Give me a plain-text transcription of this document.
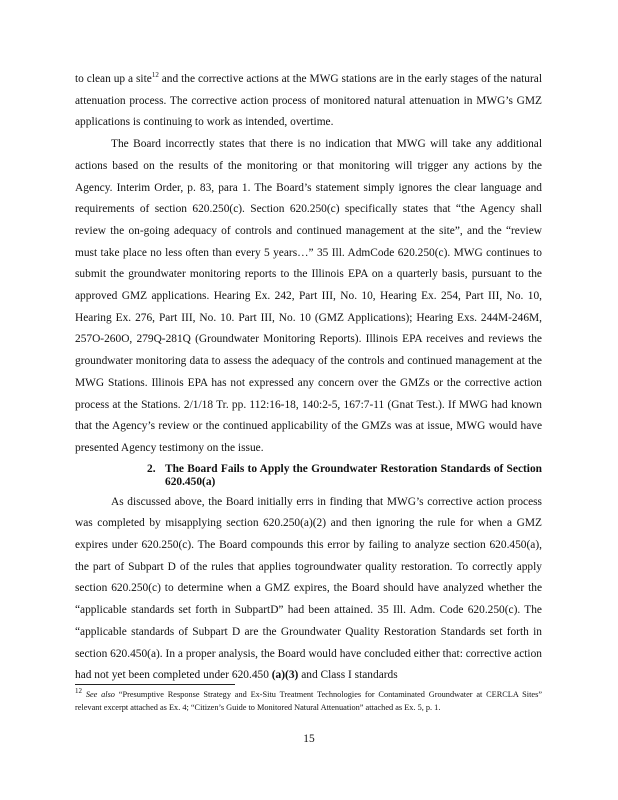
to clean up a site$^{12}$ and the corrective actions at the MWG stations are in the early stages of the natural attenuation process. The corrective action process of monitored natural attenuation in MWG’s GMZ applications is continuing to work as intended, overtime.

The Board incorrectly states that there is no indication that MWG will take any additional actions based on the results of the monitoring or that monitoring will trigger any actions by the Agency. Interim Order, p. 83, para 1. The Board’s statement simply ignores the clear language and requirements of section 620.250(c). Section 620.250(c) specifically states that “the Agency shall review the on-going adequacy of controls and continued management at the site”, and the “review must take place no less often than every 5 years…” 35 Ill. AdmCode 620.250(c). MWG continues to submit the groundwater monitoring reports to the Illinois EPA on a quarterly basis, pursuant to the approved GMZ applications. Hearing Ex. 242, Part III, No. 10, Hearing Ex. 254, Part III, No. 10, Hearing Ex. 276, Part III, No. 10. Part III, No. 10 (GMZ Applications); Hearing Exs. 244M-246M, 257O-260O, 279Q-281Q (Groundwater Monitoring Reports). Illinois EPA receives and reviews the groundwater monitoring data to assess the adequacy of the controls and continued management at the MWG Stations. Illinois EPA has not expressed any concern over the GMZs or the corrective action process at the Stations. 2/1/18 Tr. pp. 112:16-18, 140:2-5, 167:7-11 (Gnat Test.). If MWG had known that the Agency’s review or the continued applicability of the GMZs was at issue, MWG would have presented Agency testimony on the issue.

2. The Board Fails to Apply the Groundwater Restoration Standards of Section 620.450(a)

As discussed above, the Board initially errs in finding that MWG’s corrective action process was completed by misapplying section 620.250(a)(2) and then ignoring the rule for when a GMZ expires under 620.250(c). The Board compounds this error by failing to analyze section 620.450(a), the part of Subpart D of the rules that applies togroundwater quality restoration. To correctly apply section 620.250(c) to determine when a GMZ expires, the Board should have analyzed whether the “applicable standards set forth in SubpartD” had been attained. 35 Ill. Adm. Code 620.250(c). The “applicable standards of Subpart D are the Groundwater Quality Restoration Standards set forth in section 620.450(a). In a proper analysis, the Board would have concluded either that: corrective action had not yet been completed under 620.450 (a)(3) and Class I standards

$^{12}$ See also “Presumptive Response Strategy and Ex-Situ Treatment Technologies for Contaminated Groundwater at CERCLA Sites” relevant excerpt attached as Ex. 4; “Citizen’s Guide to Monitored Natural Attenuation” attached as Ex. 5, p. 1.
15
